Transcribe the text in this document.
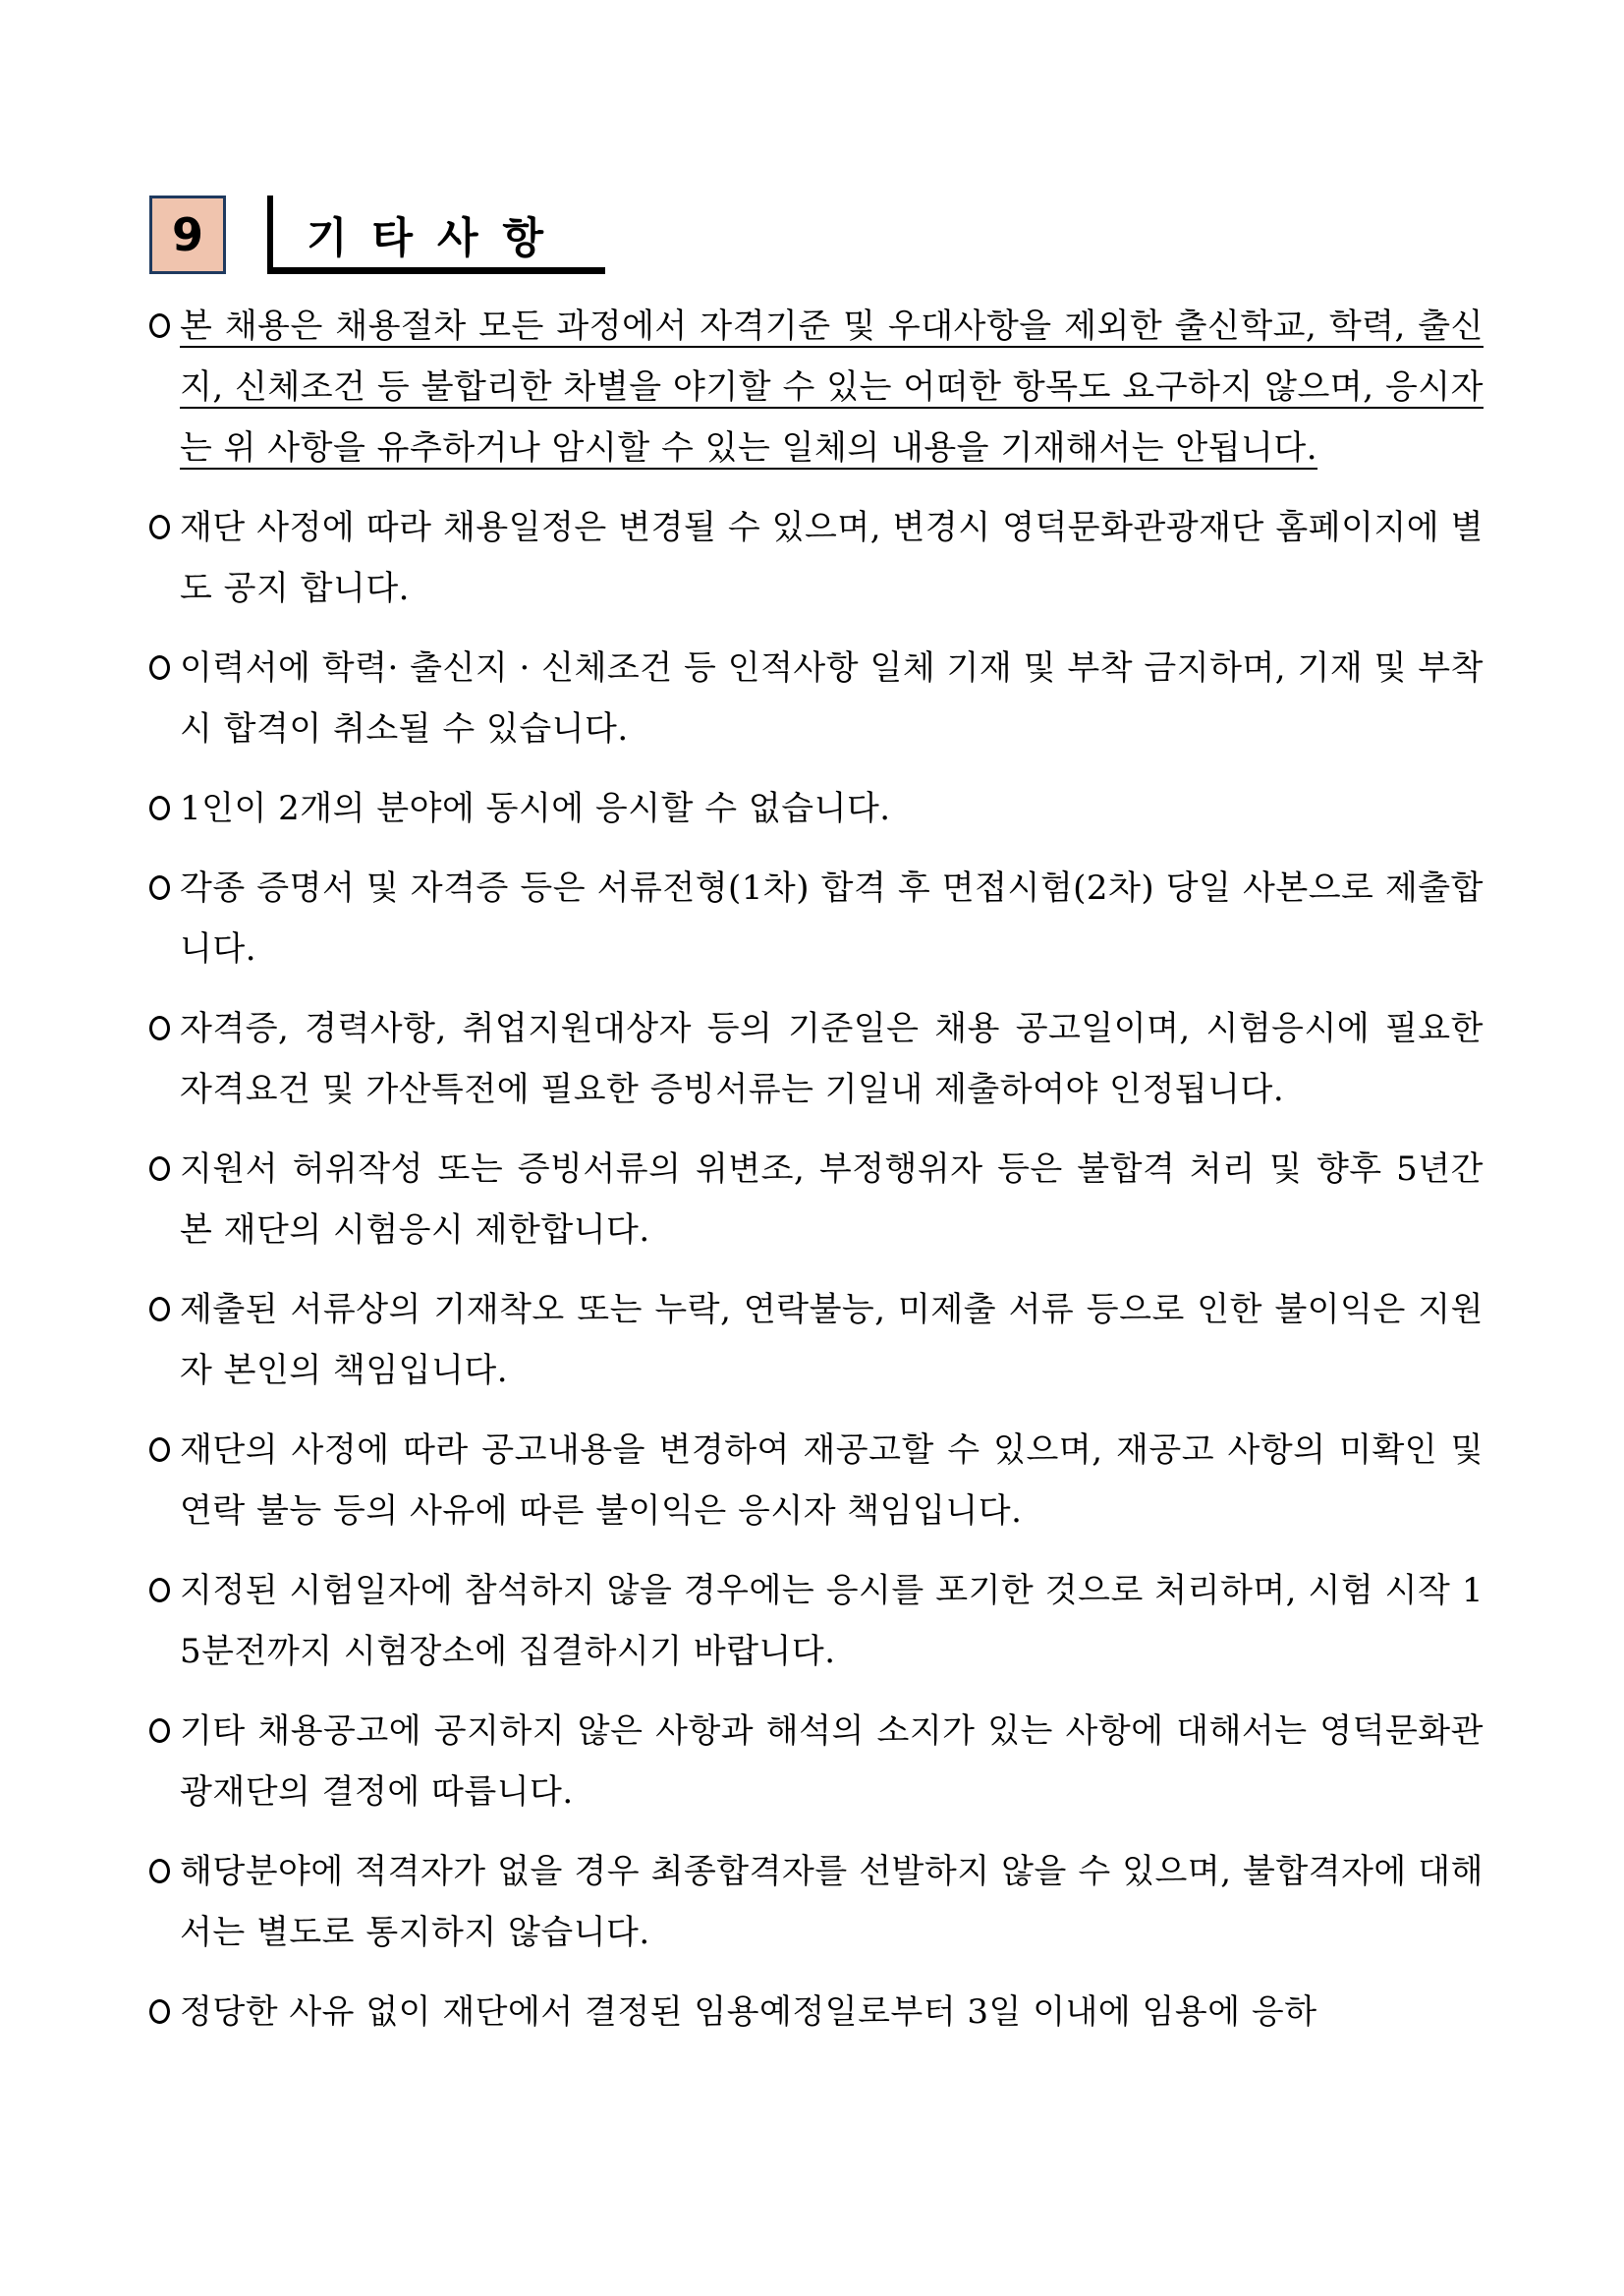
9 기 타 사 항
본 채용은 채용절차 모든 과정에서 자격기준 및 우대사항을 제외한 출신학교, 학력, 출신지, 신체조건 등 불합리한 차별을 야기할 수 있는 어떠한 항목도 요구하지 않으며, 응시자는 위 사항을 유추하거나 암시할 수 있는 일체의 내용을 기재해서는 안됩니다.
재단 사정에 따라 채용일정은 변경될 수 있으며, 변경시 영덕문화관광재단 홈페이지에 별도 공지 합니다.
이력서에 학력· 출신지 · 신체조건 등 인적사항 일체 기재 및 부착 금지하며, 기재 및 부착시 합격이 취소될 수 있습니다.
1인이 2개의 분야에 동시에 응시할 수 없습니다.
각종 증명서 및 자격증 등은 서류전형(1차) 합격 후 면접시험(2차) 당일 사본으로 제출합니다.
자격증, 경력사항, 취업지원대상자 등의 기준일은 채용 공고일이며, 시험응시에 필요한 자격요건 및 가산특전에 필요한 증빙서류는 기일내 제출하여야 인정됩니다.
지원서 허위작성 또는 증빙서류의 위변조, 부정행위자 등은 불합격 처리 및 향후 5년간 본 재단의 시험응시 제한합니다.
제출된 서류상의 기재착오 또는 누락, 연락불능, 미제출 서류 등으로 인한 불이익은 지원자 본인의 책임입니다.
재단의 사정에 따라 공고내용을 변경하여 재공고할 수 있으며, 재공고 사항의 미확인 및 연락 불능 등의 사유에 따른 불이익은 응시자 책임입니다.
지정된 시험일자에 참석하지 않을 경우에는 응시를 포기한 것으로 처리하며, 시험 시작 15분전까지 시험장소에 집결하시기 바랍니다.
기타 채용공고에 공지하지 않은 사항과 해석의 소지가 있는 사항에 대해서는 영덕문화관광재단의 결정에 따릅니다.
해당분야에 적격자가 없을 경우 최종합격자를 선발하지 않을 수 있으며, 불합격자에 대해서는 별도로 통지하지 않습니다.
정당한 사유 없이 재단에서 결정된 임용예정일로부터 3일 이내에 임용에 응하
